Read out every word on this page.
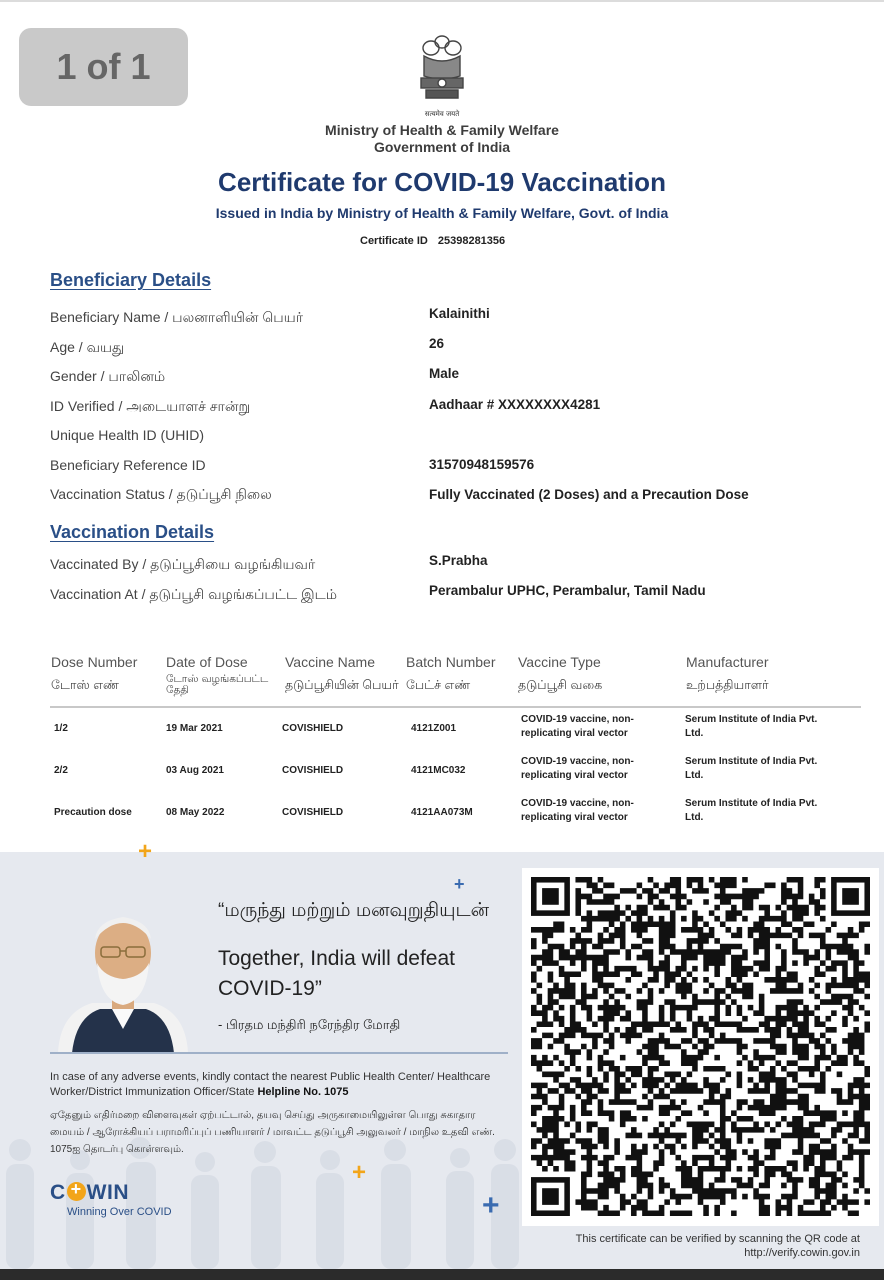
1 of 1
सत्यमेव जयते
Ministry of Health & Family Welfare
Government of India
Certificate for COVID-19 Vaccination
Issued in India by Ministry of Health & Family Welfare, Govt. of India
Certificate ID 25398281356
Beneficiary Details
Beneficiary Name / பலனாளியின் பெயர்	Kalainithi
Age / வயது	26
Gender / பாலினம்	Male
ID Verified / அடையாளச் சான்று	Aadhaar # XXXXXXXX4281
Unique Health ID (UHID)
Beneficiary Reference ID	31570948159576
Vaccination Status / தடுப்பூசி நிலை	Fully Vaccinated (2 Doses) and a Precaution Dose
Vaccination Details
Vaccinated By / தடுப்பூசியை வழங்கியவர்	S.Prabha
Vaccination At / தடுப்பூசி வழங்கப்பட்ட இடம்	Perambalur UPHC, Perambalur, Tamil Nadu
Dose Number
டோஸ் எண்
Date of Dose
டோஸ் வழங்கப்பட்ட தேதி
Vaccine Name
தடுப்பூசியின் பெயர்
Batch Number
பேட்ச் எண்
Vaccine Type
தடுப்பூசி வகை
Manufacturer
உற்பத்தியாளர்
1/2	19 Mar 2021	COVISHIELD	4121Z001
COVID-19 vaccine, non-replicating viral vector
Serum Institute of India Pvt. Ltd.
2/2	03 Aug 2021	COVISHIELD	4121MC032
COVID-19 vaccine, non-replicating viral vector
Serum Institute of India Pvt. Ltd.
Precaution dose	08 May 2022	COVISHIELD	4121AA073M
COVID-19 vaccine, non-replicating viral vector
Serum Institute of India Pvt. Ltd.
+
+
+
+
“மருந்து மற்றும் மனவுறுதியுடன்
Together, India will defeat COVID-19”
- பிரதம மந்திரி நரேந்திர மோதி
In case of any adverse events, kindly contact the nearest Public Health Center/ Healthcare Worker/District Immunization Officer/State Helpline No. 1075
ஏதேனும் எதிர்மறை விளைவுகள் ஏற்பட்டால், தயவு செய்து அருகாமையிலுள்ள பொது சுகாதார மையம் / ஆரோக்கியப் பராமரிப்புப் பணியாளர் / மாவட்ட தடுப்பூசி அலுவலர் / மாநில உதவி எண். 1075ஐ தொடர்பு கொள்ளவும்.
C+ WIN
Winning Over COVID
This certificate can be verified by scanning the QR code at
http://verify.cowin.gov.in
